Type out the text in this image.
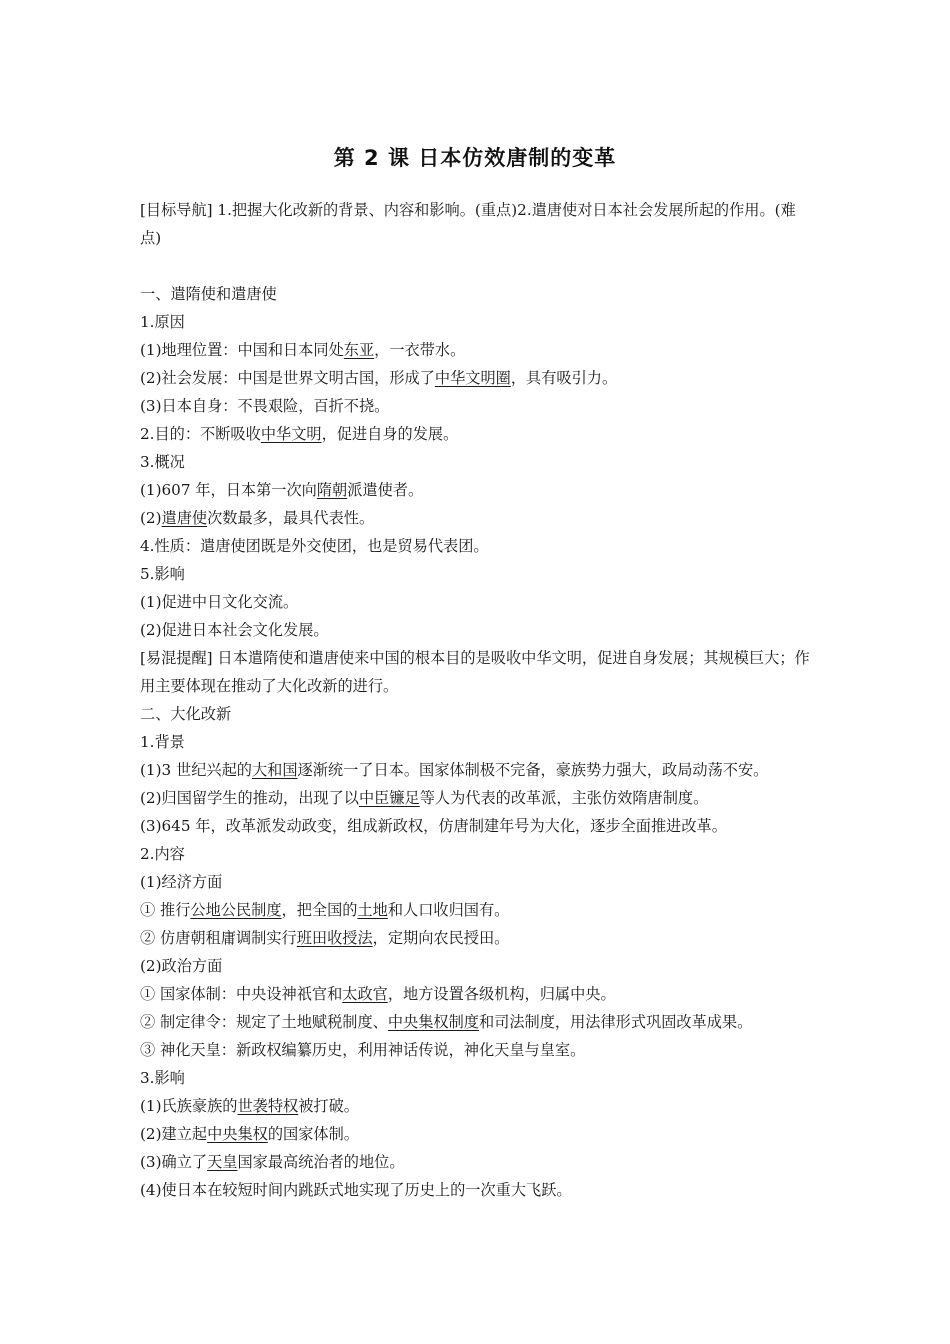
第 2 课 日本仿效唐制的变革
[目标导航] 1.把握大化改新的背景、内容和影响。(重点)2.遣唐使对日本社会发展所起的作用。(难点)
一、遣隋使和遣唐使
1.原因
(1)地理位置：中国和日本同处东亚，一衣带水。
(2)社会发展：中国是世界文明古国，形成了中华文明圈，具有吸引力。
(3)日本自身：不畏艰险，百折不挠。
2.目的：不断吸收中华文明，促进自身的发展。
3.概况
(1)607 年，日本第一次向隋朝派遣使者。
(2)遣唐使次数最多，最具代表性。
4.性质：遣唐使团既是外交使团，也是贸易代表团。
5.影响
(1)促进中日文化交流。
(2)促进日本社会文化发展。
[易混提醒] 日本遣隋使和遣唐使来中国的根本目的是吸收中华文明，促进自身发展；其规模巨大；作用主要体现在推动了大化改新的进行。
二、大化改新
1.背景
(1)3 世纪兴起的大和国逐渐统一了日本。国家体制极不完备，豪族势力强大，政局动荡不安。
(2)归国留学生的推动，出现了以中臣镰足等人为代表的改革派，主张仿效隋唐制度。
(3)645 年，改革派发动政变，组成新政权，仿唐制建年号为大化，逐步全面推进改革。
2.内容
(1)经济方面
① 推行公地公民制度，把全国的土地和人口收归国有。
② 仿唐朝租庸调制实行班田收授法，定期向农民授田。
(2)政治方面
① 国家体制：中央设神祇官和太政官，地方设置各级机构，归属中央。
② 制定律令：规定了土地赋税制度、中央集权制度和司法制度，用法律形式巩固改革成果。
③ 神化天皇：新政权编纂历史，利用神话传说，神化天皇与皇室。
3.影响
(1)氏族豪族的世袭特权被打破。
(2)建立起中央集权的国家体制。
(3)确立了天皇国家最高统治者的地位。
(4)使日本在较短时间内跳跃式地实现了历史上的一次重大飞跃。
